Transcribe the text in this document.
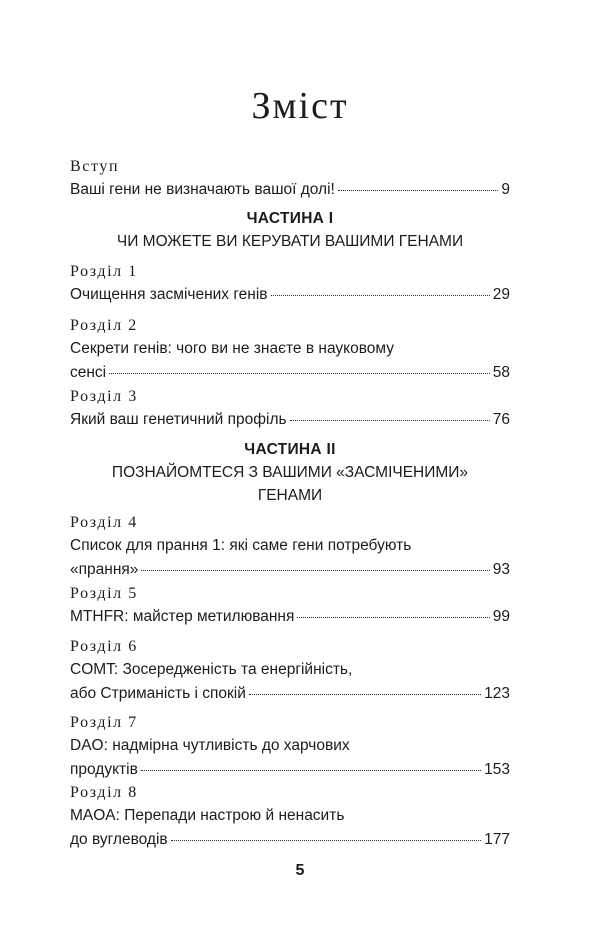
Зміст
Вступ
Ваші гени не визначають вашої долі!	9
ЧАСТИНА І
ЧИ МОЖЕТЕ ВИ КЕРУВАТИ ВАШИМИ ГЕНАМИ
Розділ 1
Очищення засмічених генів	29
Розділ 2
Секрети генів: чого ви не знаєте в науковому
сенсі	58
Розділ 3
Який ваш генетичний профіль	76
ЧАСТИНА ІІ
ПОЗНАЙОМТЕСЯ З ВАШИМИ «ЗАСМІЧЕНИМИ»
ГЕНАМИ
Розділ 4
Список для прання 1: які саме гени потребують
«прання»	93
Розділ 5
MTHFR: майстер метилювання	99
Розділ 6
COMT: Зосередженість та енергійність,
або Стриманість і спокій	123
Розділ 7
DAO: надмірна чутливість до харчових
продуктів	153
Розділ 8
MAOA: Перепади настрою й ненасить
до вуглеводів	177
5
